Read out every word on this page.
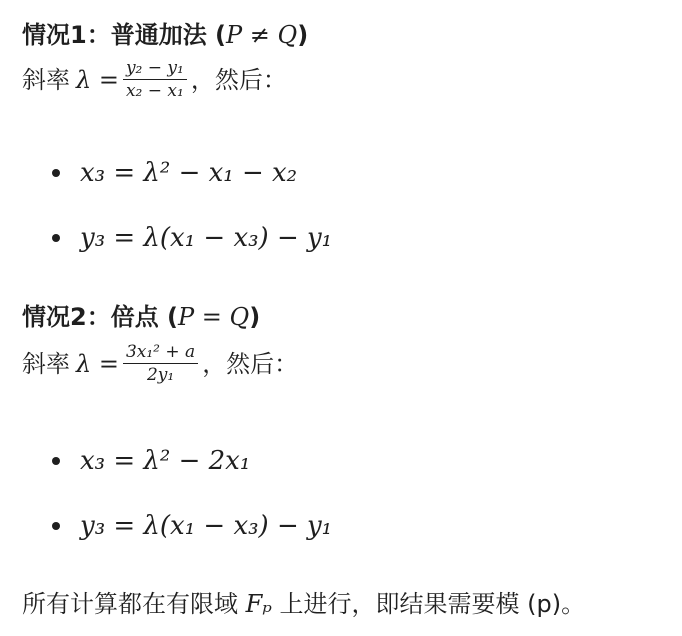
情况1：普通加法 (P ≠ Q)
斜率 $\lambda = \frac{\text{y₂ − y₁}}{\text{x₂ − x₁}}$ ，然后：
x₃ = λ² − x₁ − x₂
y₃ = λ(x₁ − x₃) − y₁
情况2：倍点 (P = Q)
斜率 $\lambda = \frac{\text{3x₁² + a}}{\text{2y₁}}$ ，然后：
x₃ = λ² − 2x₁
y₃ = λ(x₁ − x₃) − y₁
所有计算都在有限域 Fₚ 上进行，即结果需要模 (p)。
